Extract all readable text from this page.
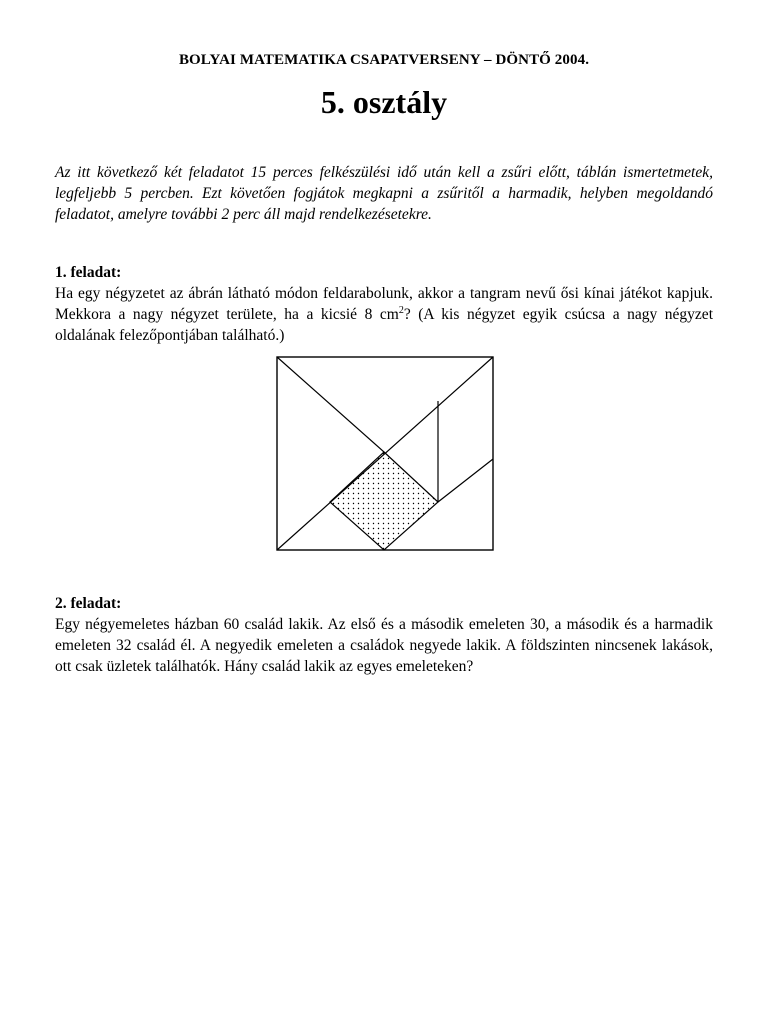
BOLYAI MATEMATIKA CSAPATVERSENY – DÖNTŐ 2004.
5. osztály
Az itt következő két feladatot 15 perces felkészülési idő után kell a zsűri előtt, táblán ismertetmetek, legfeljebb 5 percben. Ezt követően fogjátok megkapni a zsűritől a harmadik, helyben megoldandó feladatot, amelyre további 2 perc áll majd rendelkezésetekre.
1. feladat:
Ha egy négyzetet az ábrán látható módon feldarabolunk, akkor a tangram nevű ősi kínai játékot kapjuk. Mekkora a nagy négyzet területe, ha a kicsié 8 $cm^2$? (A kis négyzet egyik csúcsa a nagy négyzet oldalának felezőpontjában található.)
2. feladat:
Egy négyemeletes házban 60 család lakik. Az első és a második emeleten 30, a második és a harmadik emeleten 32 család él. A negyedik emeleten a családok negyede lakik. A földszinten nincsenek lakások, ott csak üzletek találhatók. Hány család lakik az egyes emeleteken?
